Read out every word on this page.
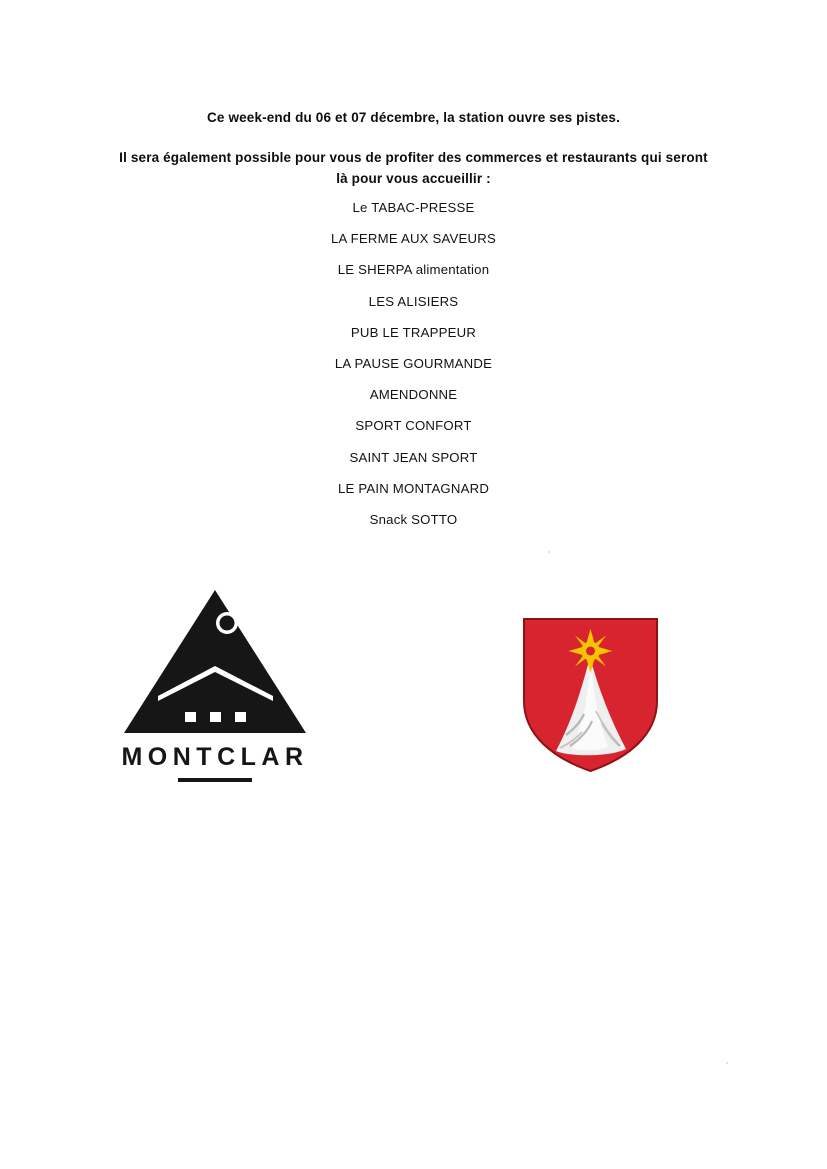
Ce week-end du 06 et 07 décembre, la station ouvre ses pistes.

Il sera également possible pour vous de profiter des commerces et restaurants qui seront

là pour vous accueillir :

Le TABAC-PRESSE
LA FERME AUX SAVEURS
LE SHERPA alimentation
LES ALISIERS
PUB LE TRAPPEUR
LA PAUSE GOURMANDE
AMENDONNE
SPORT CONFORT
SAINT JEAN SPORT
LE PAIN MONTAGNARD
Snack SOTTO
MONTCLAR
